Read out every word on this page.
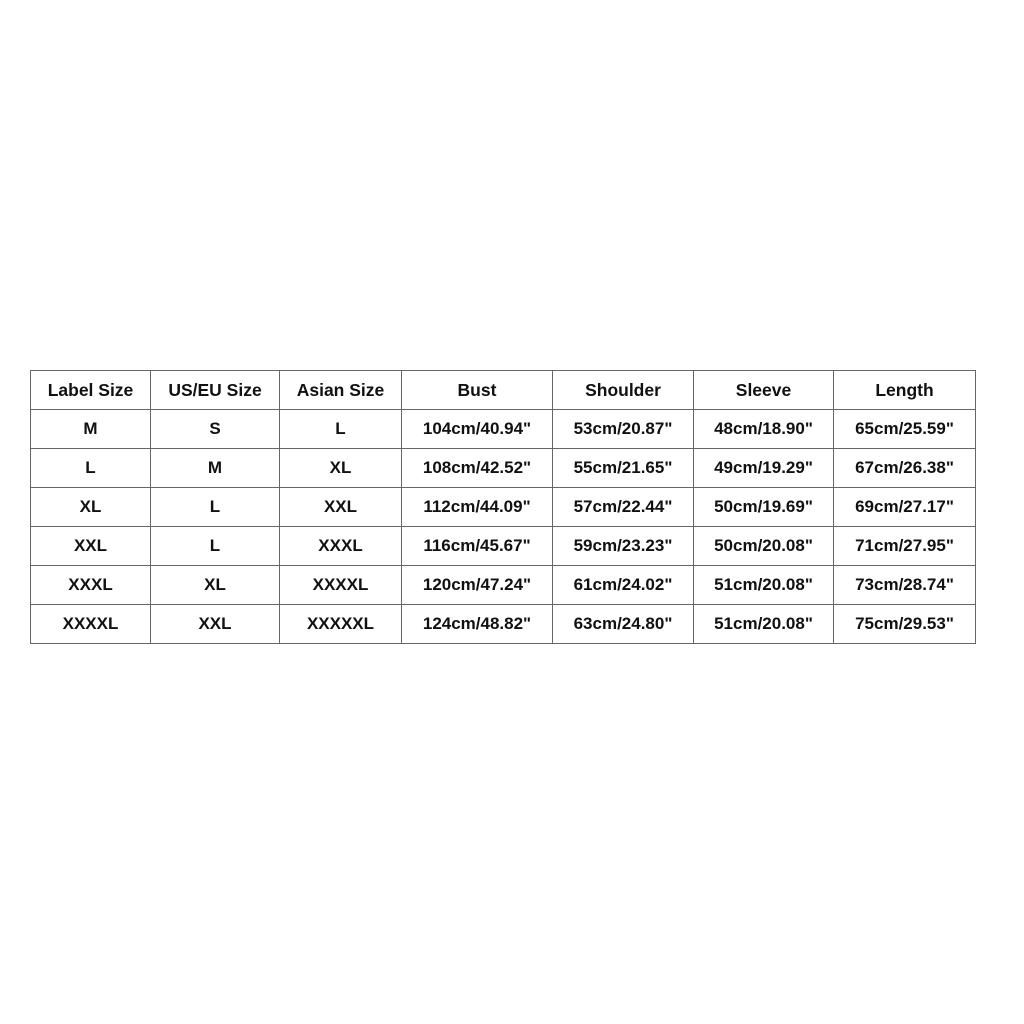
Label Size	US/EU Size	Asian Size	Bust	Shoulder	Sleeve	Length
M	S	L	104cm/40.94"	53cm/20.87"	48cm/18.90"	65cm/25.59"
L	M	XL	108cm/42.52"	55cm/21.65"	49cm/19.29"	67cm/26.38"
XL	L	XXL	112cm/44.09"	57cm/22.44"	50cm/19.69"	69cm/27.17"
XXL	L	XXXL	116cm/45.67"	59cm/23.23"	50cm/20.08"	71cm/27.95"
XXXL	XL	XXXXL	120cm/47.24"	61cm/24.02"	51cm/20.08"	73cm/28.74"
XXXXL	XXL	XXXXXL	124cm/48.82"	63cm/24.80"	51cm/20.08"	75cm/29.53"
